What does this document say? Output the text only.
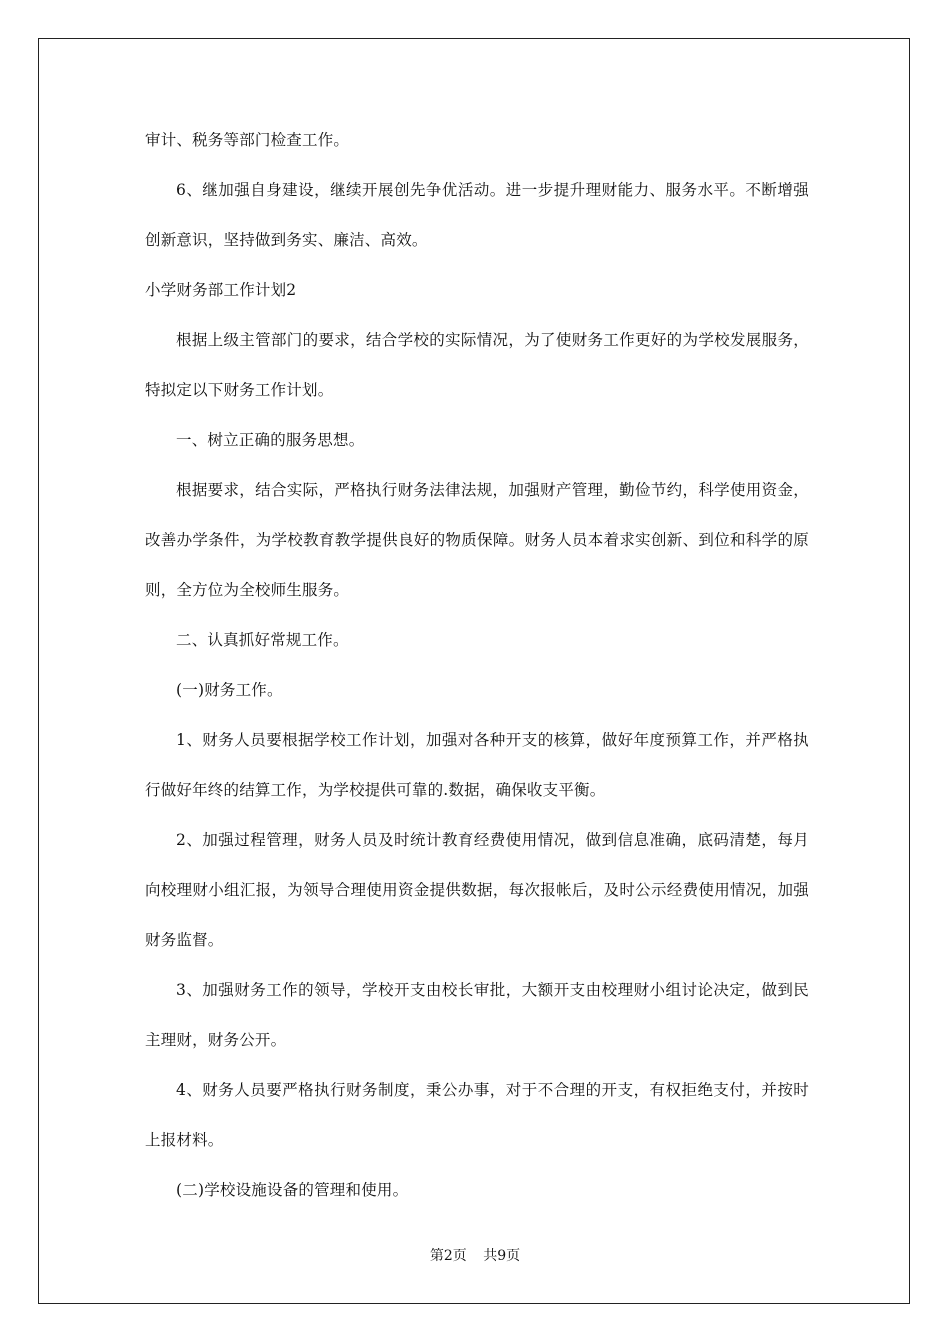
审计、税务等部门检查工作。
6、继加强自身建设，继续开展创先争优活动。进一步提升理财能力、服务水平。不断增强
创新意识，坚持做到务实、廉洁、高效。
小学财务部工作计划2
根据上级主管部门的要求，结合学校的实际情况，为了使财务工作更好的为学校发展服务，
特拟定以下财务工作计划。
一、树立正确的服务思想。
根据要求，结合实际，严格执行财务法律法规，加强财产管理，勤俭节约，科学使用资金，
改善办学条件，为学校教育教学提供良好的物质保障。财务人员本着求实创新、到位和科学的原
则，全方位为全校师生服务。
二、认真抓好常规工作。
(一)财务工作。
1、财务人员要根据学校工作计划，加强对各种开支的核算，做好年度预算工作，并严格执
行做好年终的结算工作，为学校提供可靠的.数据，确保收支平衡。
2、加强过程管理，财务人员及时统计教育经费使用情况，做到信息准确，底码清楚，每月
向校理财小组汇报，为领导合理使用资金提供数据，每次报帐后，及时公示经费使用情况，加强
财务监督。
3、加强财务工作的领导，学校开支由校长审批，大额开支由校理财小组讨论决定，做到民
主理财，财务公开。
4、财务人员要严格执行财务制度，秉公办事，对于不合理的开支，有权拒绝支付，并按时
上报材料。
(二)学校设施设备的管理和使用。
第2页 共9页
